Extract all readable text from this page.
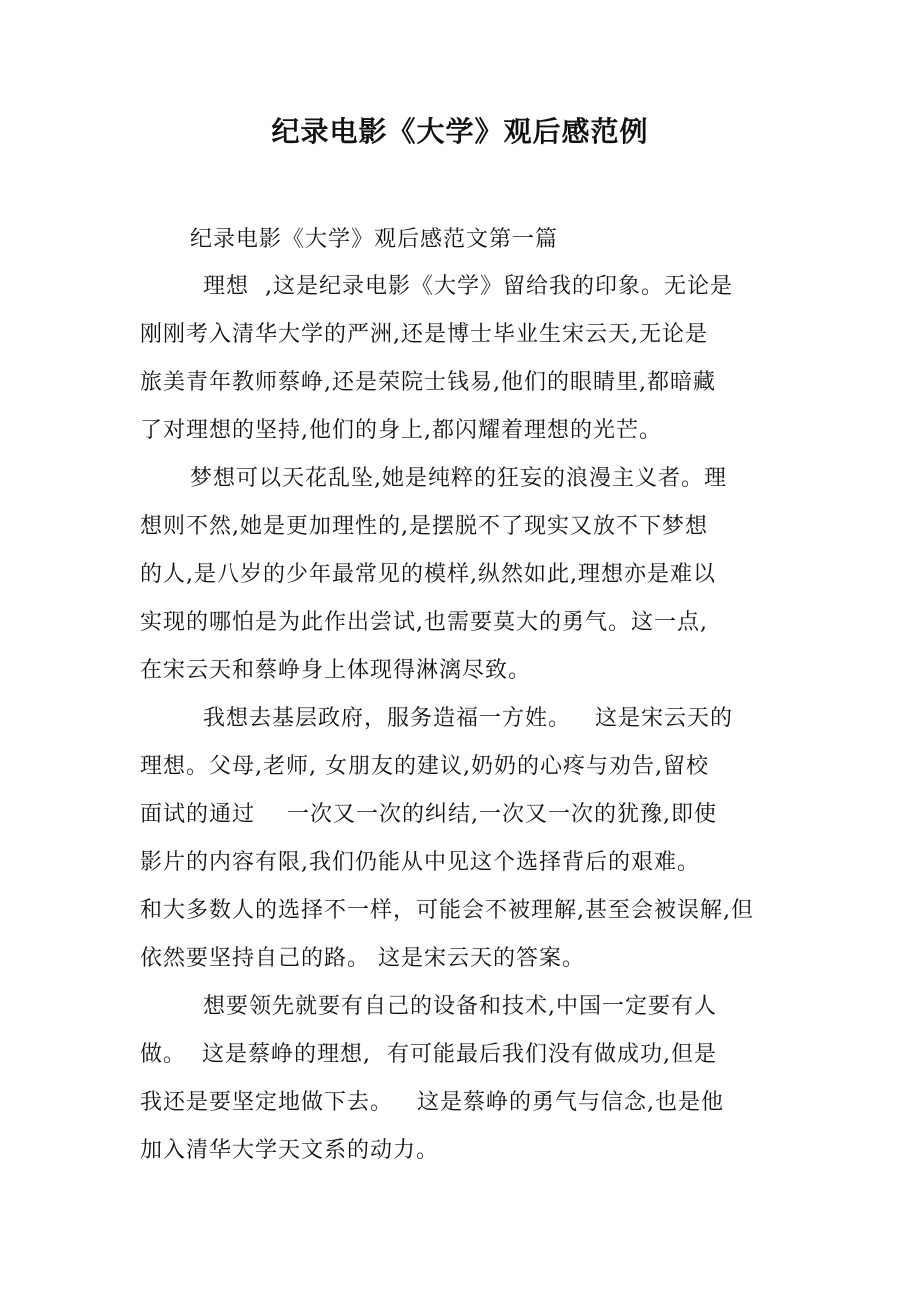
纪录电影《大学》观后感范例

纪录电影《大学》观后感范文第一篇

理想  ,这是纪录电影《大学》留给我的印象。无论是

刚刚考入清华大学的严洲,还是博士毕业生宋云天,无论是

旅美青年教师蔡峥,还是荣院士钱易,他们的眼睛里,都暗藏

了对理想的坚持,他们的身上,都闪耀着理想的光芒。

梦想可以天花乱坠,她是纯粹的狂妄的浪漫主义者。理

想则不然,她是更加理性的,是摆脱不了现实又放不下梦想

的人,是八岁的少年最常见的模样,纵然如此,理想亦是难以

实现的哪怕是为此作出尝试,也需要莫大的勇气。这一点,

在宋云天和蔡峥身上体现得淋漓尽致。

我想去基层政府，服务造福一方姓。   这是宋云天的

理想。父母,老师, 女朋友的建议,奶奶的心疼与劝告,留校

面试的通过    一次又一次的纠结,一次又一次的犹豫,即使

影片的内容有限,我们仍能从中见这个选择背后的艰难。

和大多数人的选择不一样，可能会不被理解,甚至会被误解,但

依然要坚持自己的路。 这是宋云天的答案。

想要领先就要有自己的设备和技术,中国一定要有人

做。  这是蔡峥的理想,  有可能最后我们没有做成功,但是

我还是要坚定地做下去。   这是蔡峥的勇气与信念,也是他

加入清华大学天文系的动力。
